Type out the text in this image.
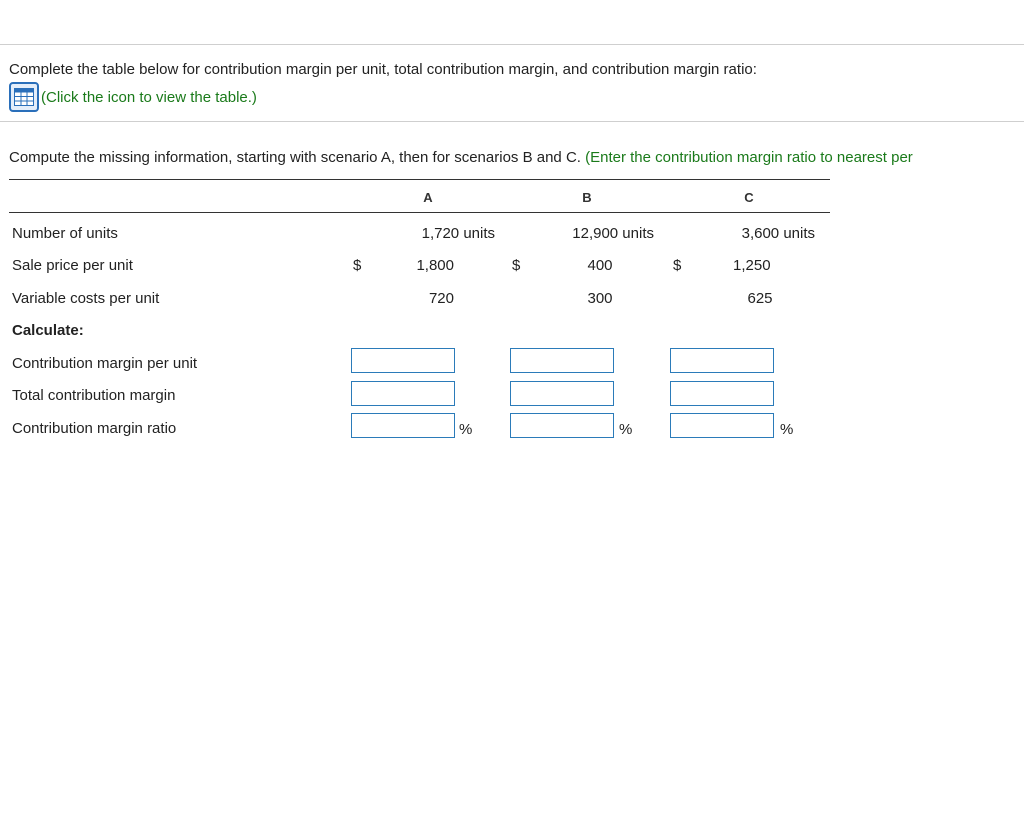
Complete the table below for contribution margin per unit, total contribution margin, and contribution margin ratio:
(Click the icon to view the table.)
Compute the missing information, starting with scenario A, then for scenarios B and C. (Enter the contribution margin ratio to nearest per
A	B	C
Number of units	1,720 units	12,900 units	3,600 units
Sale price per unit	$	1,800	$	400	$	1,250
Variable costs per unit	720	300	625
Calculate:
Contribution margin per unit
Total contribution margin
Contribution margin ratio	%	%	%
